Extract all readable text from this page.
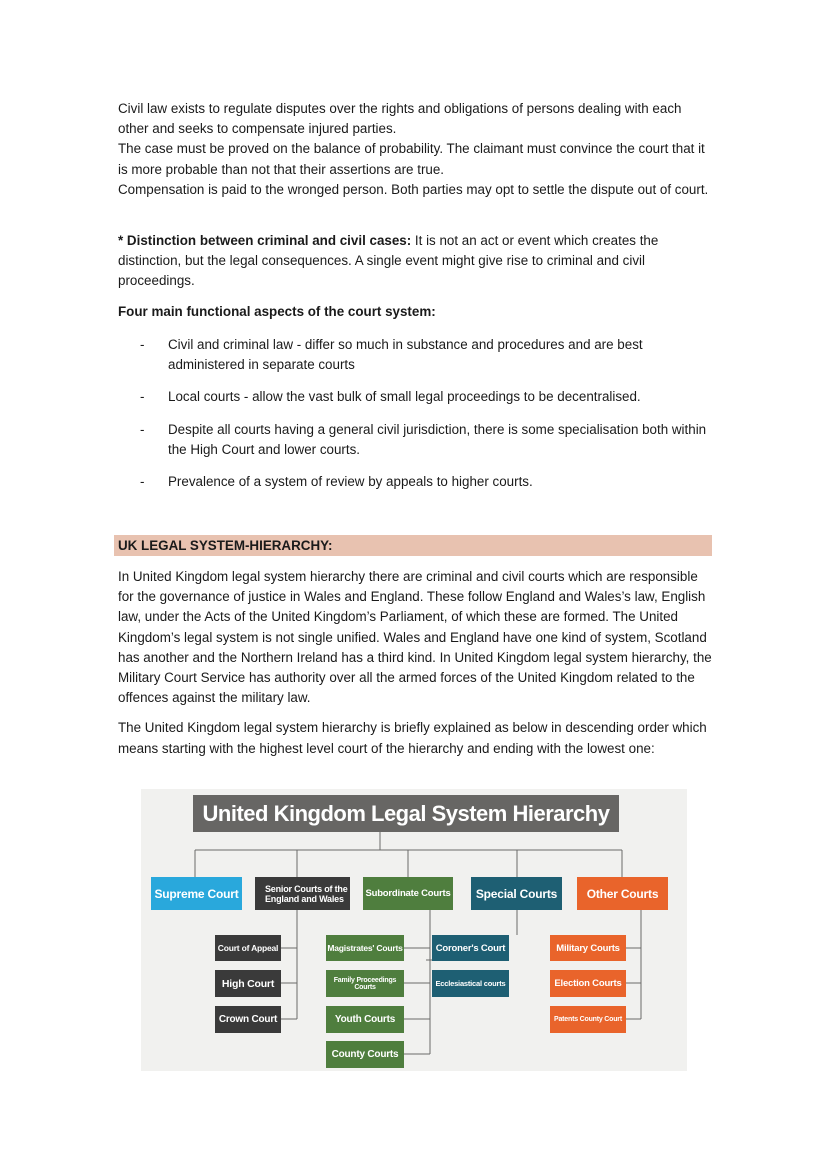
Civil law exists to regulate disputes over the rights and obligations of persons dealing with each other and seeks to compensate injured parties.

The case must be proved on the balance of probability. The claimant must convince the court that it is more probable than not that their assertions are true.

Compensation is paid to the wronged person. Both parties may opt to settle the dispute out of court.

* Distinction between criminal and civil cases: It is not an act or event which creates the distinction, but the legal consequences. A single event might give rise to criminal and civil proceedings.

Four main functional aspects of the court system:
- Civil and criminal law - differ so much in substance and procedures and are best administered in separate courts
- Local courts - allow the vast bulk of small legal proceedings to be decentralised.
- Despite all courts having a general civil jurisdiction, there is some specialisation both within the High Court and lower courts.
- Prevalence of a system of review by appeals to higher courts.
UK LEGAL SYSTEM-HIERARCHY:

In United Kingdom legal system hierarchy there are criminal and civil courts which are responsible for the governance of justice in Wales and England. These follow England and Wales’s law, English law, under the Acts of the United Kingdom’s Parliament, of which these are formed. The United Kingdom’s legal system is not single unified. Wales and England have one kind of system, Scotland has another and the Northern Ireland has a third kind. In United Kingdom legal system hierarchy, the Military Court Service has authority over all the armed forces of the United Kingdom related to the offences against the military law.

The United Kingdom legal system hierarchy is briefly explained as below in descending order which means starting with the highest level court of the hierarchy and ending with the lowest one:

United Kingdom Legal System Hierarchy
Supreme Court	Senior Courts of the England and Wales	Subordinate Courts	Special Courts	Other Courts
Court of Appeal
High Court
Crown Court
Magistrates' Courts
Family Proceedings Courts
Youth Courts
County Courts
Coroner's Court
Ecclesiastical courts
Military Courts
Election Courts
Patents County Court
